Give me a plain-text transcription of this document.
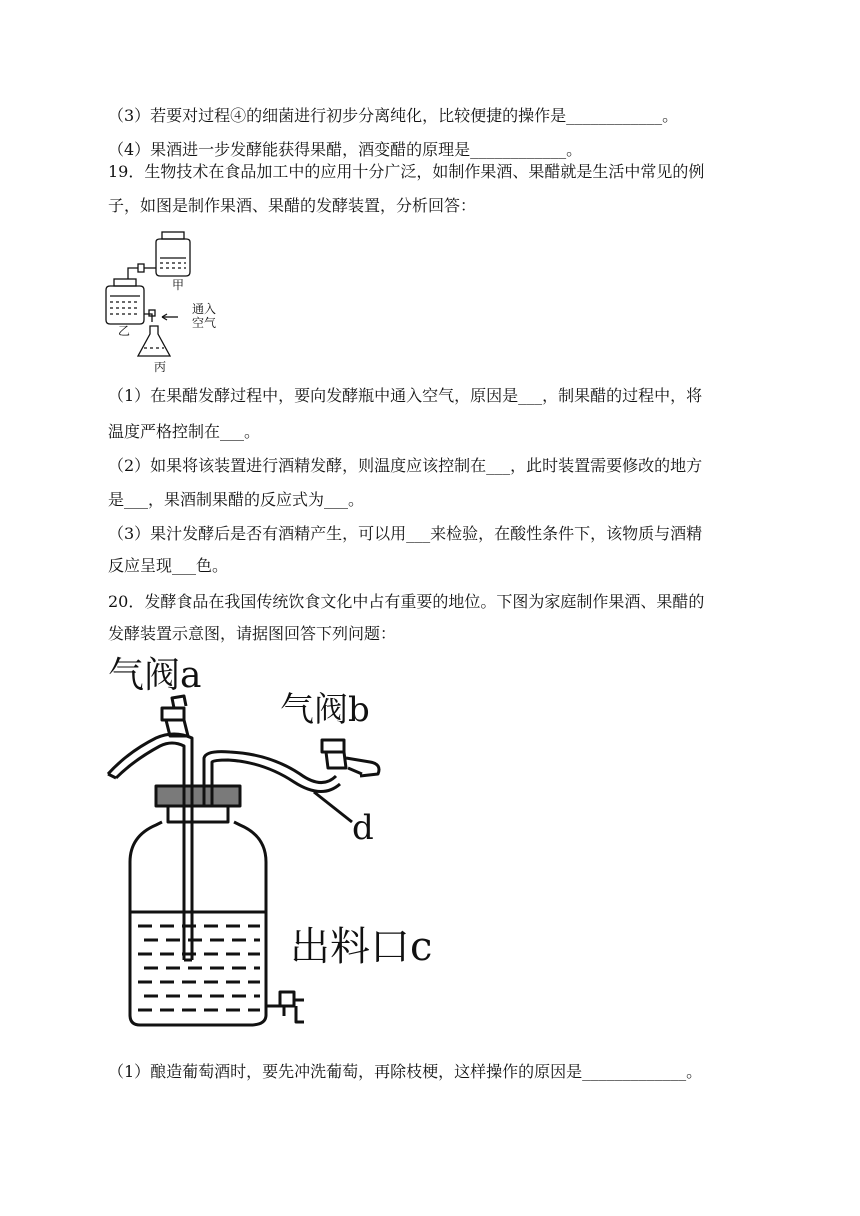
（3）若要对过程④的细菌进行初步分离纯化，比较便捷的操作是____________。
（4）果酒进一步发酵能获得果醋，酒变醋的原理是____________。
19．生物技术在食品加工中的应用十分广泛，如制作果酒、果醋就是生活中常见的例
子，如图是制作果酒、果醋的发酵装置，分析回答：
甲
乙
丙
通入
空气
（1）在果醋发酵过程中，要向发酵瓶中通入空气，原因是___，制果醋的过程中，将
温度严格控制在___。
（2）如果将该装置进行酒精发酵，则温度应该控制在___，此时装置需要修改的地方
是___，果酒制果醋的反应式为___。
（3）果汁发酵后是否有酒精产生，可以用___来检验，在酸性条件下，该物质与酒精
反应呈现___色。
20．发酵食品在我国传统饮食文化中占有重要的地位。下图为家庭制作果酒、果醋的
发酵装置示意图，请据图回答下列问题：
气阀a
气阀b
d
出料口c
（1）酿造葡萄酒时，要先冲洗葡萄，再除枝梗，这样操作的原因是_____________。
